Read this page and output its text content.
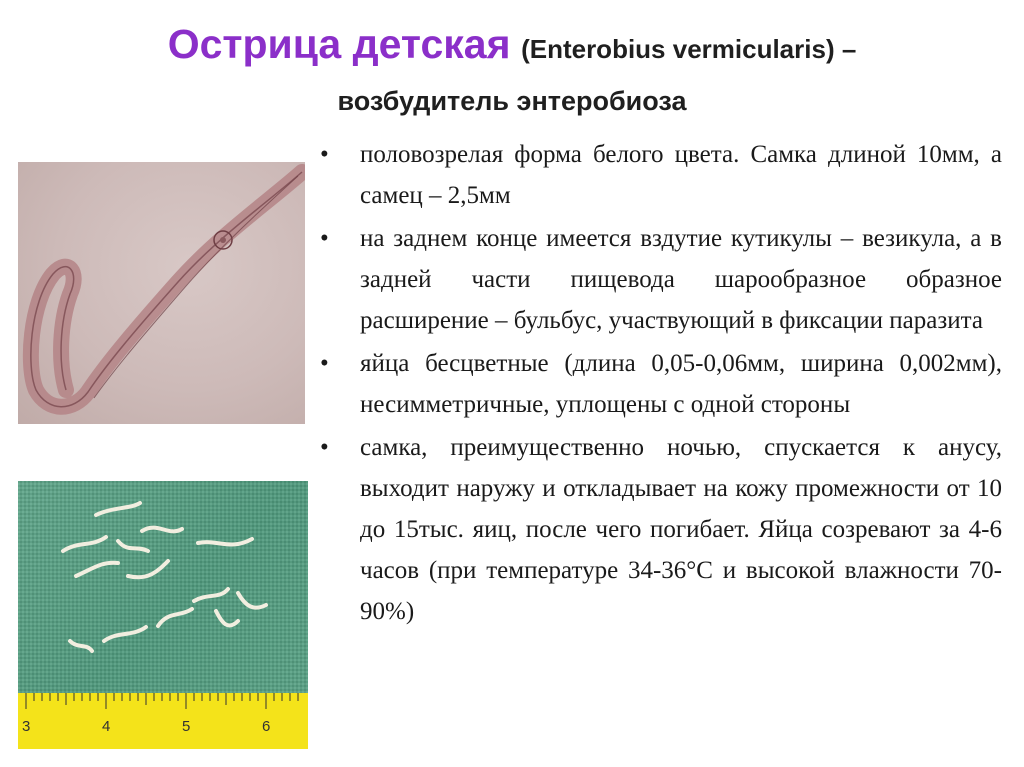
Острица детская (Enterobius vermicularis) –
возбудитель энтеробиоза
3	4	5	6
• половозрелая форма белого цвета. Самка длиной 10мм, а самец – 2,5мм
• на заднем конце имеется вздутие кутикулы – везикула, а в задней части пищевода шарообразное образное расширение – бульбус, участвующий в фиксации паразита
• яйца бесцветные (длина 0,05-0,06мм, ширина 0,002мм), несимметричные, уплощены с одной стороны
• самка, преимущественно ночью, спускается к анусу, выходит наружу и откладывает на кожу промежности от 10 до 15тыс. яиц, после чего погибает. Яйца созревают за 4-6 часов (при температуре 34-36°С и высокой влажности 70-90%)
